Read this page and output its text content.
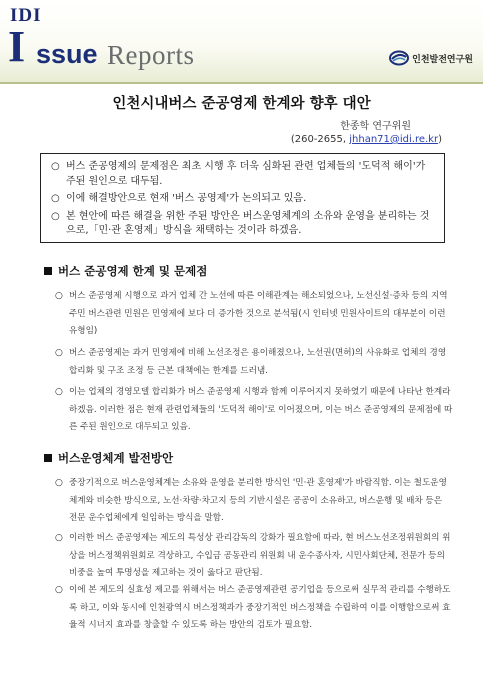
IDI
I ssue Reports	인천발전연구원
인천시내버스 준공영제 한계와 향후 대안
한종학 연구위원
(260-2655, jhhan71@idi.re.kr)
○ 버스 준공영제의 문제점은 최초 시행 후 더욱 심화된 관련 업체들의 '도덕적 해이'가 주된 원인으로 대두됨.
○ 이에 해결방안으로 현재 '버스 공영제'가 논의되고 있음.
○ 본 현안에 따른 해결을 위한 주된 방안은 버스운영체계의 소유와 운영을 분리하는 것으로,「민·관 혼영제」방식을 채택하는 것이라 하겠음.
버스 준공영제 한계 및 문제점
○ 버스 준공영제 시행으로 과거 업체 간 노선에 따른 이해관계는 해소되었으나, 노선신설·증차 등의 지역주민 버스관련 민원은 민영제에 보다 더 증가한 것으로 분석됨(시 인터넷 민원사이트의 대부분이 이런 유형임)
○ 버스 준공영제는 과거 민영제에 비해 노선조정은 용이해졌으나, 노선권(면허)의 사유화로 업체의 경영 합리화 및 구조 조정 등 근본 대책에는 한계를 드러냄.
○ 이는 업체의 경영모델 합리화가 버스 준공영제 시행과 함께 이루어지지 못하였기 때문에 나타난 한계라 하겠음. 이러한 점은 현재 관련업체들의 '도덕적 해이'로 이어졌으며, 이는 버스 준공영제의 문제점에 따른 주된 원인으로 대두되고 있음.
버스운영체계 발전방안
○ 중장기적으로 버스운영체계는 소유와 운영을 분리한 방식인 '민·관 혼영제'가 바람직함. 이는 철도운영체계와 비슷한 방식으로, 노선·차량·차고지 등의 기반시설은 공공이 소유하고, 버스운행 및 배차 등은 전문 운수업체에게 일임하는 방식을 말함.
○ 이러한 버스 준공영제는 제도의 특성상 관리감독의 강화가 필요함에 따라, 현 버스노선조정위원회의 위상을 버스정책위원회로 격상하고, 수입금 공동관리 위원회 내 운수종사자, 시민사회단체, 전문가 등의 비중을 높여 투명성을 제고하는 것이 옳다고 판단됨.
○ 이에 본 제도의 실효성 제고를 위해서는 버스 준공영제관련 공기업을 등으로써 실무적 관리를 수행하도록 하고, 이와 동시에 인천광역시 버스정책과가 중장기적인 버스정책을 수립하여 이를 이행함으로써 효율적 시너지 효과를 창출할 수 있도록 하는 방안의 검토가 필요함.
